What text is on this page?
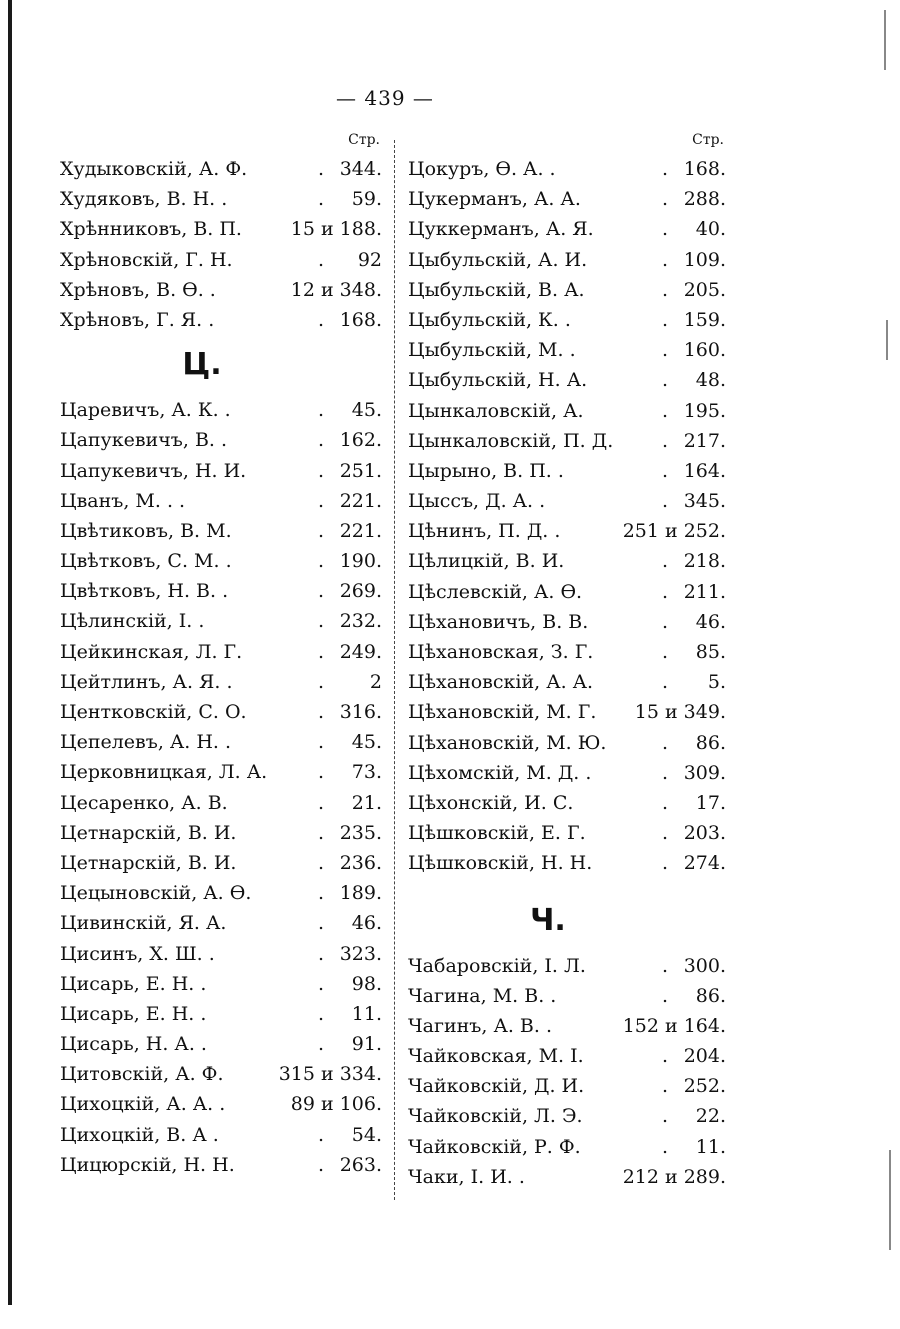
— 439 —
Стр.
Худыковскій, А. Ф.	. 344.
Худяковъ, В. Н. .	.	59.
Хрѣнниковъ, В. П.	15 и 188.
Хрѣновскій, Г. Н.	.	92
Хрѣновъ, В. Ѳ. .	12 и 348.
Хрѣновъ, Г. Я. .	. 168.
Ц.
Царевичъ, А. К. .	.	45.
Цапукевичъ, В. .	. 162.
Цапукевичъ, Н. И.	. 251.
Цванъ, М. . .	. 221.
Цвѣтиковъ, В. М.	. 221.
Цвѣтковъ, С. М. .	. 190.
Цвѣтковъ, Н. В. .	. 269.
Цѣлинскій, І. .	. 232.
Цейкинская, Л. Г.	. 249.
Цейтлинъ, А. Я. .	.	2
Центковскій, С. О.	. 316.
Цепелевъ, А. Н. .	.	45.
Церковницкая, Л. А.	.	73.
Цесаренко, А. В.	.	21.
Цетнарскій, В. И.	. 235.
Цетнарскій, В. И.	. 236.
Цецыновскій, А. Ѳ.	. 189.
Цивинскій, Я. А.	.	46.
Цисинъ, Х. Ш. .	. 323.
Цисарь, Е. Н. .	.	98.
Цисарь, Е. Н. .	.	11.
Цисарь, Н. А. .	.	91.
Цитовскій, А. Ф.	315 и 334.
Цихоцкій, А. А. .	89 и 106.
Цихоцкій, В. А .	.	54.
Цицюрскій, Н. Н.	. 263.
Стр.
Цокуръ, Ѳ. А. .	. 168.
Цукерманъ, А. А.	. 288.
Цуккерманъ, А. Я.	.	40.
Цыбульскій, А. И.	. 109.
Цыбульскій, В. А.	. 205.
Цыбульскій, К. .	. 159.
Цыбульскій, М. .	. 160.
Цыбульскій, Н. А.	.	48.
Цынкаловскій, А.	. 195.
Цынкаловскій, П. Д.	. 217.
Цырыно, В. П. .	. 164.
Цыссъ, Д. А. .	. 345.
Цѣнинъ, П. Д. .	251 и 252.
Цѣлицкій, В. И.	. 218.
Цѣслевскій, А. Ѳ.	. 211.
Цѣхановичъ, В. В.	.	46.
Цѣхановская, З. Г.	.	85.
Цѣхановскій, А. А.	.	5.
Цѣхановскій, М. Г. 15 и 349.
Цѣхановскій, М. Ю.	.	86.
Цѣхомскій, М. Д. .	. 309.
Цѣхонскій, И. С.	.	17.
Цѣшковскій, Е. Г.	. 203.
Цѣшковскій, Н. Н.	. 274.
Ч.
Чабаровскій, І. Л.	. 300.
Чагина, М. В. .	.	86.
Чагинъ, А. В. .	152 и 164.
Чайковская, М. І.	. 204.
Чайковскій, Д. И.	. 252.
Чайковскій, Л. Э.	.	22.
Чайковскій, Р. Ф.	.	11.
Чаки, І. И. .	212 и 289.
